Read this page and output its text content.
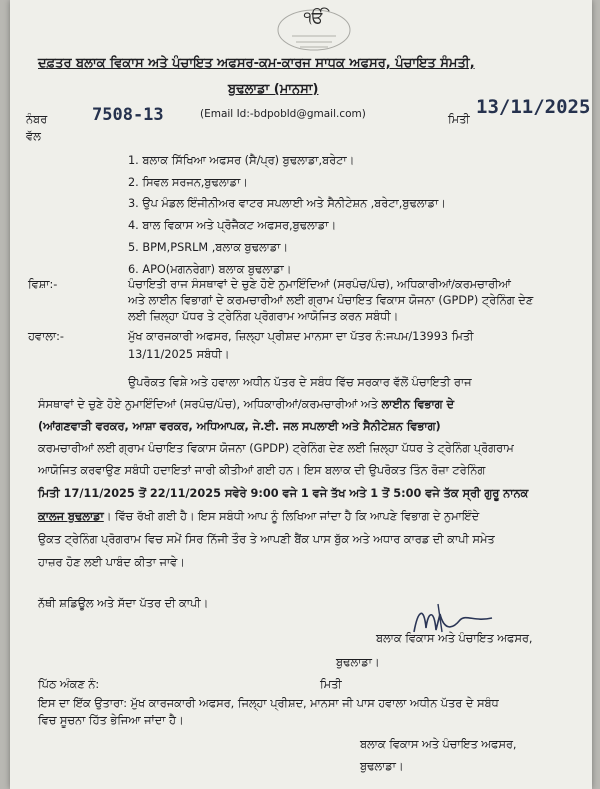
ੴ
ਦਫ਼ਤਰ ਬਲਾਕ ਵਿਕਾਸ ਅਤੇ ਪੰਚਾਇਤ ਅਫਸਰ-ਕਮ-ਕਾਰਜ ਸਾਧਕ ਅਫਸਰ, ਪੰਚਾਇਤ ਸੰਮਤੀ,
ਬੁਢਲਾਡਾ (ਮਾਨਸਾ)
ਨੰਬਰ	7508-13	(Email Id:-bdpobld@gmail.com)	ਮਿਤੀ
13/11/2025
ਵੱਲ
1. ਬਲਾਕ ਸਿੱਖਿਆ ਅਫਸਰ (ਸੈ/ਪ੍ਰ) ਬੁਢਲਾਡਾ,ਬਰੇਟਾ।
2. ਸਿਵਲ ਸਰਜਨ,ਬੁਢਲਾਡਾ।
3. ਉਪ ਮੰਡਲ ਇੰਜੀਨੀਅਰ ਵਾਟਰ ਸਪਲਾਈ ਅਤੇ ਸੈਨੀਟੇਸ਼ਨ ,ਬਰੇਟਾ,ਬੁਢਲਾਡਾ।
4. ਬਾਲ ਵਿਕਾਸ ਅਤੇ ਪ੍ਰੋਜੈਕਟ ਅਫਸਰ,ਬੁਢਲਾਡਾ।
5. BPM,PSRLM ,ਬਲਾਕ ਬੁਢਲਾਡਾ।
6. APO(ਮਗਨਰੇਗਾ) ਬਲਾਕ ਬੁਢਲਾਡਾ।
ਵਿਸ਼ਾ:-	ਪੰਚਾਇਤੀ ਰਾਜ ਸੰਸਥਾਵਾਂ ਦੇ ਚੁਣੇ ਹੋਏ ਨੁਮਾਇੰਦਿਆਂ (ਸਰਪੰਚ/ਪੰਚ), ਅਧਿਕਾਰੀਆਂ/ਕਰਮਚਾਰੀਆਂ
ਅਤੇ ਲਾਈਨ ਵਿਭਾਗਾਂ ਦੇ ਕਰਮਚਾਰੀਆਂ ਲਈ ਗ੍ਰਾਮ ਪੰਚਾਇਤ ਵਿਕਾਸ ਯੋਜਨਾ (GPDP) ਟ੍ਰੇਨਿੰਗ ਦੇਣ
ਲਈ ਜ਼ਿਲ੍ਹਾ ਪੱਧਰ ਤੇ ਟ੍ਰੇਨਿੰਗ ਪ੍ਰੋਗਰਾਮ ਆਯੋਜਿਤ ਕਰਨ ਸਬੰਧੀ।
ਹਵਾਲਾ:-	ਮੁੱਖ ਕਾਰਜਕਾਰੀ ਅਫਸਰ, ਜ਼ਿਲ੍ਹਾ ਪ੍ਰੀਸ਼ਦ ਮਾਨਸਾ ਦਾ ਪੱਤਰ ਨੰ:ਜਪਮ/13993 ਮਿਤੀ
13/11/2025 ਸਬੰਧੀ।
ਉਪਰੋਕਤ ਵਿਸ਼ੇ ਅਤੇ ਹਵਾਲਾ ਅਧੀਨ ਪੱਤਰ ਦੇ ਸਬੰਧ ਵਿੱਚ ਸਰਕਾਰ ਵੱਲੋਂ ਪੰਚਾਇਤੀ ਰਾਜ
ਸੰਸਥਾਵਾਂ ਦੇ ਚੁਣੇ ਹੋਏ ਨੁਮਾਇੰਦਿਆਂ (ਸਰਪੰਚ/ਪੰਚ), ਅਧਿਕਾਰੀਆਂ/ਕਰਮਚਾਰੀਆਂ ਅਤੇ ਲਾਈਨ ਵਿਭਾਗ ਦੇ
(ਆਂਗਣਵਾੜੀ ਵਰਕਰ, ਆਸ਼ਾ ਵਰਕਰ, ਅਧਿਆਪਕ, ਜੇ.ਈ. ਜਲ ਸਪਲਾਈ ਅਤੇ ਸੈਨੀਟੇਸ਼ਨ ਵਿਭਾਗ)
ਕਰਮਚਾਰੀਆਂ ਲਈ ਗ੍ਰਾਮ ਪੰਚਾਇਤ ਵਿਕਾਸ ਯੋਜਨਾ (GPDP) ਟ੍ਰੇਨਿੰਗ ਦੇਣ ਲਈ ਜ਼ਿਲ੍ਹਾ ਪੱਧਰ ਤੇ ਟ੍ਰੇਨਿੰਗ ਪ੍ਰੋਗਰਾਮ
ਆਯੋਜਿਤ ਕਰਵਾਉਣ ਸਬੰਧੀ ਹਦਾਇਤਾਂ ਜਾਰੀ ਕੀਤੀਆਂ ਗਈ ਹਨ। ਇਸ ਬਲਾਕ ਦੀ ਉਪਰੋਕਤ ਤਿੰਨ ਰੋਜ਼ਾ ਟਰੇਨਿੰਗ
ਮਿਤੀ 17/11/2025 ਤੋਂ 22/11/2025 ਸਵੇਰੇ 9:00 ਵਜੇ 1 ਵਜੇ ਤੱਖ ਅਤੇ 1 ਤੋਂ 5:00 ਵਜੇ ਤੱਕ ਸ੍ਰੀ ਗੁਰੂ ਨਾਨਕ
ਕਾਲਜ ਬੁਢਲਾਡਾ। ਵਿੱਚ ਰੱਖੀ ਗਈ ਹੈ। ਇਸ ਸਬੰਧੀ ਆਪ ਨੂੰ ਲਿਖਿਆ ਜਾਂਦਾ ਹੈ ਕਿ ਆਪਣੇ ਵਿਭਾਗ ਦੇ ਨੁਮਾਇੰਦੇ
ਉਕਤ ਟ੍ਰੇਨਿੰਗ ਪ੍ਰੋਗਰਾਮ ਵਿਚ ਸਮੇਂ ਸਿਰ ਨਿੱਜੀ ਤੌਰ ਤੇ ਆਪਣੀ ਬੈਂਕ ਪਾਸ ਬੁੱਕ ਅਤੇ ਅਧਾਰ ਕਾਰਡ ਦੀ ਕਾਪੀ ਸਮੇਤ
ਹਾਜ਼ਰ ਹੋਣ ਲਈ ਪਾਬੰਦ ਕੀਤਾ ਜਾਵੇ।
ਨੱਥੀ ਸ਼ਡਿਊਲ ਅਤੇ ਸੱਦਾ ਪੱਤਰ ਦੀ ਕਾਪੀ।
ਬਲਾਕ ਵਿਕਾਸ ਅਤੇ ਪੰਚਾਇਤ ਅਫਸਰ,
ਬੁਢਲਾਡਾ।
ਪਿੱਠ ਅੰਕਣ ਨੰ:	ਮਿਤੀ
ਇਸ ਦਾ ਇੱਕ ਉਤਾਰਾ: ਮੁੱਖ ਕਾਰਜਕਾਰੀ ਅਫਸਰ, ਜਿਲ੍ਹਾ ਪ੍ਰੀਸ਼ਦ, ਮਾਨਸਾ ਜੀ ਪਾਸ ਹਵਾਲਾ ਅਧੀਨ ਪੱਤਰ ਦੇ ਸਬੰਧ
ਵਿਚ ਸੂਚਨਾ ਹਿੱਤ ਭੇਜਿਆ ਜਾਂਦਾ ਹੈ।
ਬਲਾਕ ਵਿਕਾਸ ਅਤੇ ਪੰਚਾਇਤ ਅਫਸਰ,
ਬੁਢਲਾਡਾ।
